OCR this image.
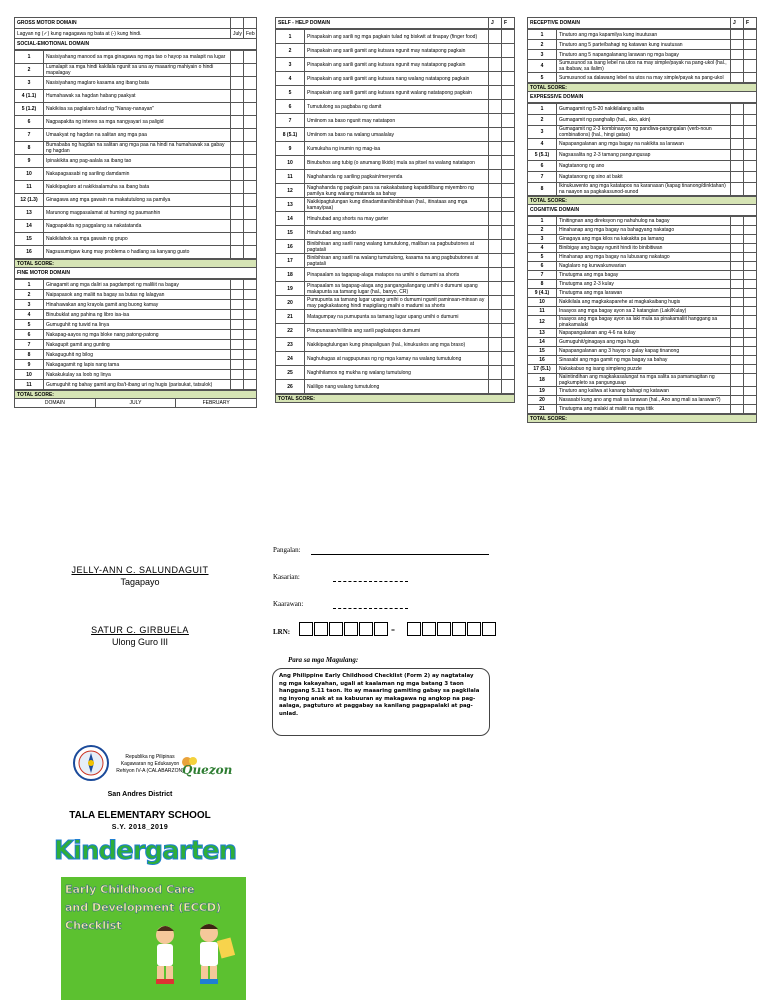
GROSS MOTOR DOMAIN		
Lagyan ng (✓) kung nagagawa ng bata at (-) kung hindi.	July	Feb
SOCIAL-EMOTIONAL DOMAIN		
1	Nasisiyahang manood sa mga ginagawa ng mga tao o hayop sa malapit na lugar		
2	Lumalapit sa mga hindi kakilala ngunit sa una ay maaaring mahiyain o hindi mapalagay		
3	Nasisiyahang maglaro kasama ang ibang bata		
4 (1.1)	Humahawak sa hagdan habang paakyat		
5 (1.2)	Nakikiisa sa paglalaro tulad ng "Nanay-nanayan"		
6	Nagpapakita ng interes sa mga nangyayari sa paligid		
7	Umaakyat ng hagdan na salitan ang mga paa		
8	Bumababa ng hagdan na salitan ang mga paa na hindi na humahawak sa gabay ng hagdan		
9	Ipinakikita ang pag-aalala sa ibang tao		
10	Nakapagsasabi ng sariling damdamin		
11	Nakikipaglaro at nakikisalamuha sa ibang bata		
12 (1.3)	Ginagawa ang mga gawain na makatutulong sa pamilya		
13	Marunong magpasalamat at humingi ng paumanhin		
14	Nagpapakita ng paggalang sa nakatatanda		
15	Nakikilahok sa mga gawain ng grupo		
16	Nagsusumigaw kung may problema o hadlang sa kanyang gusto		
TOTAL SCORE:
FINE MOTOR DOMAIN
1	Ginagamit ang mga daliri sa pagdampot ng maliliit na bagay		
2	Naipapasok ang maliit na bagay sa butas ng lalagyan		
3	Hinahawakan ang krayola gamit ang buong kamay		
4	Binubuklat ang pahina ng libro isa-isa		
5	Gumuguhit ng tuwid na linya		
6	Nakapag-aayos ng mga bloke nang patong-patong		
7	Nakagupit gamit ang gunting		
8	Nakaguguhit ng bilog		
9	Nakagagamit ng lapis nang tama		
10	Nakakukulay sa loob ng linya		
11	Gumuguhit ng bahay gamit ang iba't-ibang uri ng hugis (parisukat, tatsulok)		
TOTAL SCORE:
DOMAIN	JULY	FEBRUARY
SELF - HELP DOMAIN	J	F
1	Pinapakain ang sarili ng mga pagkain tulad ng biskwit at tinapay (finger food)		
2	Pinapakain ang sarili gamit ang kutsara ngunit may natatapong pagkain		
3	Pinapakain ang sarili gamit ang kutsara ngunit may natatapong pagkain		
4	Pinapakain ang sarili gamit ang kutsara nang walang natatapong pagkain		
5	Pinapakain ang sarili gamit ang kutsara ngunit walang natatapong pagkain		
6	Tumutulong sa pagbaba ng damit		
7	Umiinom sa baso ngunit may natatapon		
8 (5.1)	Umiinom sa baso na walang umaalalay		
9	Kumukuha ng inumin ng mag-isa		
10	Binubuhos ang tubig (o anumang likido) mula sa pitsel na walang natatapon		
11	Naghahanda ng sariling pagkain/meryenda		
12	Naghahanda ng pagkain para sa nakakabatang kapatid/ibang miyembro ng pamilya kung walang matanda sa bahay		
13	Nakikipagtulungan kung dinadamitan/binibihisan (hal., itinataas ang mga kamay/paa)		
14	Hinuhubad ang shorts na may garter		
15	Hinuhubad ang sando		
16	Binibihisan ang sarili nang walang tumutulong, maliban sa pagbubutones at pagtatali		
17	Binibihisan ang sarili na walang tumutulong, kasama na ang pagbubutones at pagtatali		
18	Pinapaalam sa tagapag-alaga matapos na umihi o dumumi sa shorts		
19	Pinapaalam sa tagapag-alaga ang pangangailangang umihi o dumumi upang makapunta sa tamang lugar (hal., banyo, CR)		
20	Pumupunta sa tamang lugar upang umihi o dumumi ngunit paminsan-minsan ay may pagkakataong hindi mapigilang maihi o madumi sa shorts		
21	Matagumpay na pumupunta sa tamang lugar upang umihi o dumumi		
22	Pinupunasan/nililinis ang sarili pagkatapos dumumi		
23	Nakikipagtulungan kung pinapaliguan (hal., kinukuskos ang mga braso)		
24	Naghuhugas at nagpupunas ng ng mga kamay na walang tumutulong		
25	Naghihilamos ng mukha ng walang tumutulong		
26	Naliligo nang walang tumutulong		
TOTAL SCORE:
RECEPTIVE DOMAIN	J	F
1	Tinuturo ang mga kapamilya kung inuutusan		
2	Tinuturo ang 5 parte/bahagi ng katawan kung inuutusan		
3	Tinuturo ang 5 napangalanang larawan ng mga bagay		
4	Sumusunod sa isang lebel na utos na may simple/payak na pang-ukol (hal., sa ibabaw, sa ilalim)		
5	Sumusunod sa dalawang lebel na utos na may simple/payak na pang-ukol		
TOTAL SCORE:
EXPRESSIVE DOMAIN
1	Gumagamit ng 5-20 nakikilalang salita		
2	Gumagamit ng panghalip (hal., ako, akin)		
3	Gumagamit ng 2-3 kombinasyon ng pandiwa-pangngalan (verb-noun combinations) (hal., hingi gatas)		
4	Napapangalanan ang mga bagay na nakikita sa larawan		
5 (5.1)	Nagsasalita ng 2-3 tamang pangungusap		
6	Nagtatanong ng ano		
7	Nagtatanong ng sino at bakit		
8	Ikinukuwento ang mga katatapos na karanasan (kapag tinanong/dinktahan) na naayon sa pagkakasunod-sunod		
TOTAL SCORE:
COGNITIVE DOMAIN
1	Tinitingnan ang direksyon ng nahuhulog na bagay		
2	Hinahanap ang mga bagay na bahagyang nakatago		
3	Ginagaya ang mga kilos na kakakita pa lamang		
4	Binibigay ang bagay ngunit hindi ito binibitiwan		
5	Hinahanap ang mga bagay na lubusang nakatago		
6	Naglalaro ng kunwakunwarian		
7	Tinutugma ang mga bagay		
8	Tinutugma ang 2-3 kulay		
9 (4.1)	Tinutugma ang mga larawan		
10	Nakikilala ang magkakaparehe at magkakaibang hugis		
11	Inaayos ang mga bagay ayon sa 2 katangian (Laki/Kulay)		
12	Inaayos ang mga bagay ayon sa laki mula sa pinakamaliit hanggang sa pinakamalaki		
13	Napapangalanan ang 4-6 na kulay		
14	Gumuguhit/ginagaya ang mga hugis		
15	Napapangalanan ang 3 hayop o gulay kapag tinanong		
16	Sinasabi ang mga gamit ng mga bagay sa bahay		
17 (5.1)	Nakakabuo ng isang simpleng puzzle		
18	Naiintindihan ang magkakasalungat na mga salita sa pamamagitan ng pagkumpleto sa pangungusap		
19	Tinuturo ang kaliwa at kanang bahagi ng katawan		
20	Nasasabi kung ano ang mali sa larawan (hal., Ano ang mali sa larawan?)		
21	Tinutugma ang malaki at maliit na mga titik		
TOTAL SCORE:
JELLY-ANN C. SALUNDAGUIT
Tagapayo
SATUR C. GIRBUELA
Ulong Guro III
Pangalan:
Kasarian:
Kaarawan:
LRN:	-
Para sa mga Magulang:
Ang Philippine Early Childhood Checklist (Form 2) ay nagtatalay ng mga kakayahan, ugali at kaalaman ng mga batang 3 taon hanggang 5.11 taon. Ito ay maaaring gamiting gabay sa pagkilala ng inyong anak at sa kabuuran ay makagawa ng angkop na pag-aalaga, pagtuturo at paggabay sa kanilang pagpapalaki at pag-unlad.
Republika ng Pilipinas
Kagawaran ng Edukasyon
Rehiyon IV-A (CALABARZON)
Quezon
San Andres District
TALA ELEMENTARY SCHOOL
S.Y. 2018_2019
Kindergarten
Early Childhood Care
and Development (ECCD)
Checklist
